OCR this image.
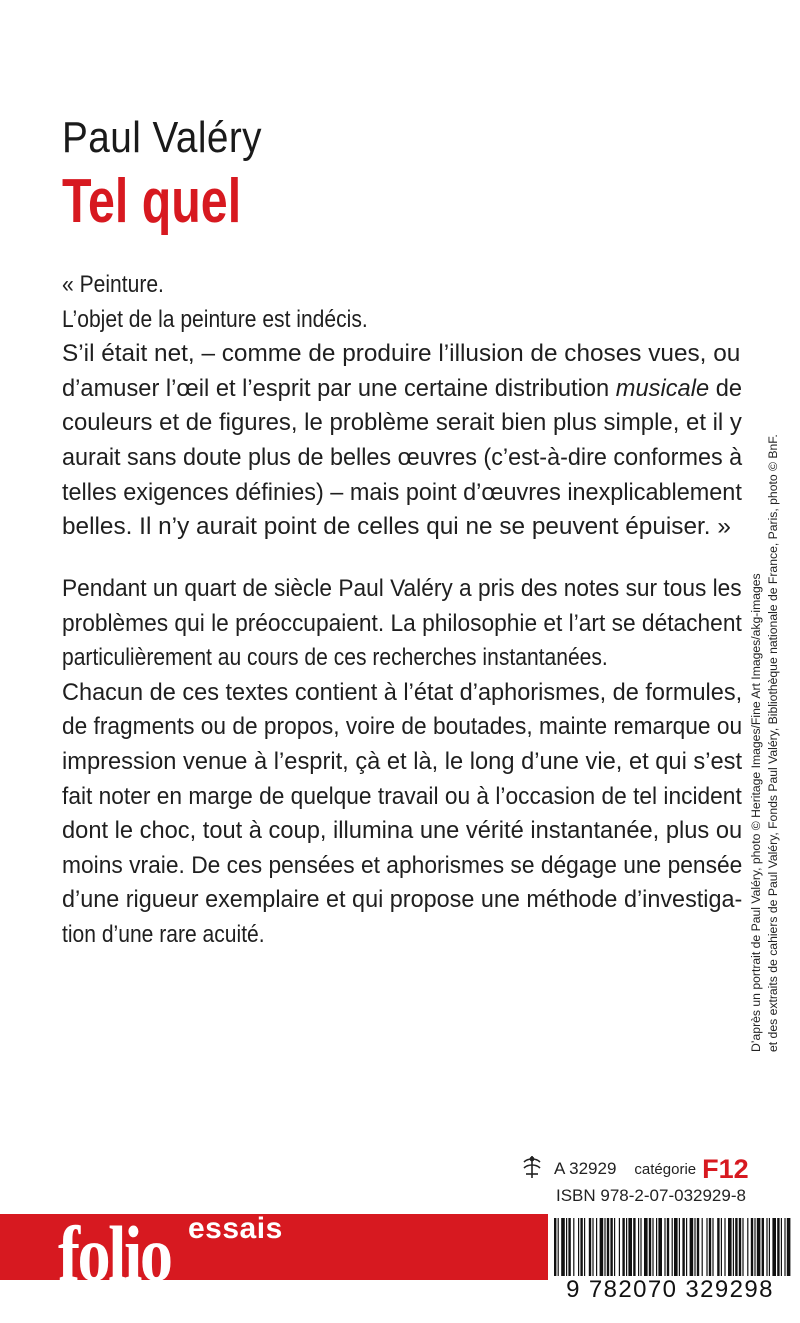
Paul Valéry
Tel quel
« Peinture.
L’objet de la peinture est indécis.
S’il était net, – comme de produire l’illusion de choses vues, ou
d’amuser l’œil et l’esprit par une certaine distribution musicale de
couleurs et de figures, le problème serait bien plus simple, et il y
aurait sans doute plus de belles œuvres (c’est-à-dire conformes à
telles exigences définies) – mais point d’œuvres inexplicablement
belles. Il n’y aurait point de celles qui ne se peuvent épuiser. »
Pendant un quart de siècle Paul Valéry a pris des notes sur tous les
problèmes qui le préoccupaient. La philosophie et l’art se détachent
particulièrement au cours de ces recherches instantanées.
Chacun de ces textes contient à l’état d’aphorismes, de formules,
de fragments ou de propos, voire de boutades, mainte remarque ou
impression venue à l’esprit, çà et là, le long d’une vie, et qui s’est
fait noter en marge de quelque travail ou à l’occasion de tel incident
dont le choc, tout à coup, illumina une vérité instantanée, plus ou
moins vraie. De ces pensées et aphorismes se dégage une pensée
d’une rigueur exemplaire et qui propose une méthode d’investiga-
tion d’une rare acuité.	D’après un portrait de Paul Valéry, photo © Heritage Images/Fine Art Images/akg-images et des extraits de cahiers de Paul Valéry, Fonds Paul Valéry, Bibliothèque nationale de France, Paris, photo © BnF.
A 32929 catégorie F12
ISBN 978-2-07-032929-8
folio essais
9 782070 329298
